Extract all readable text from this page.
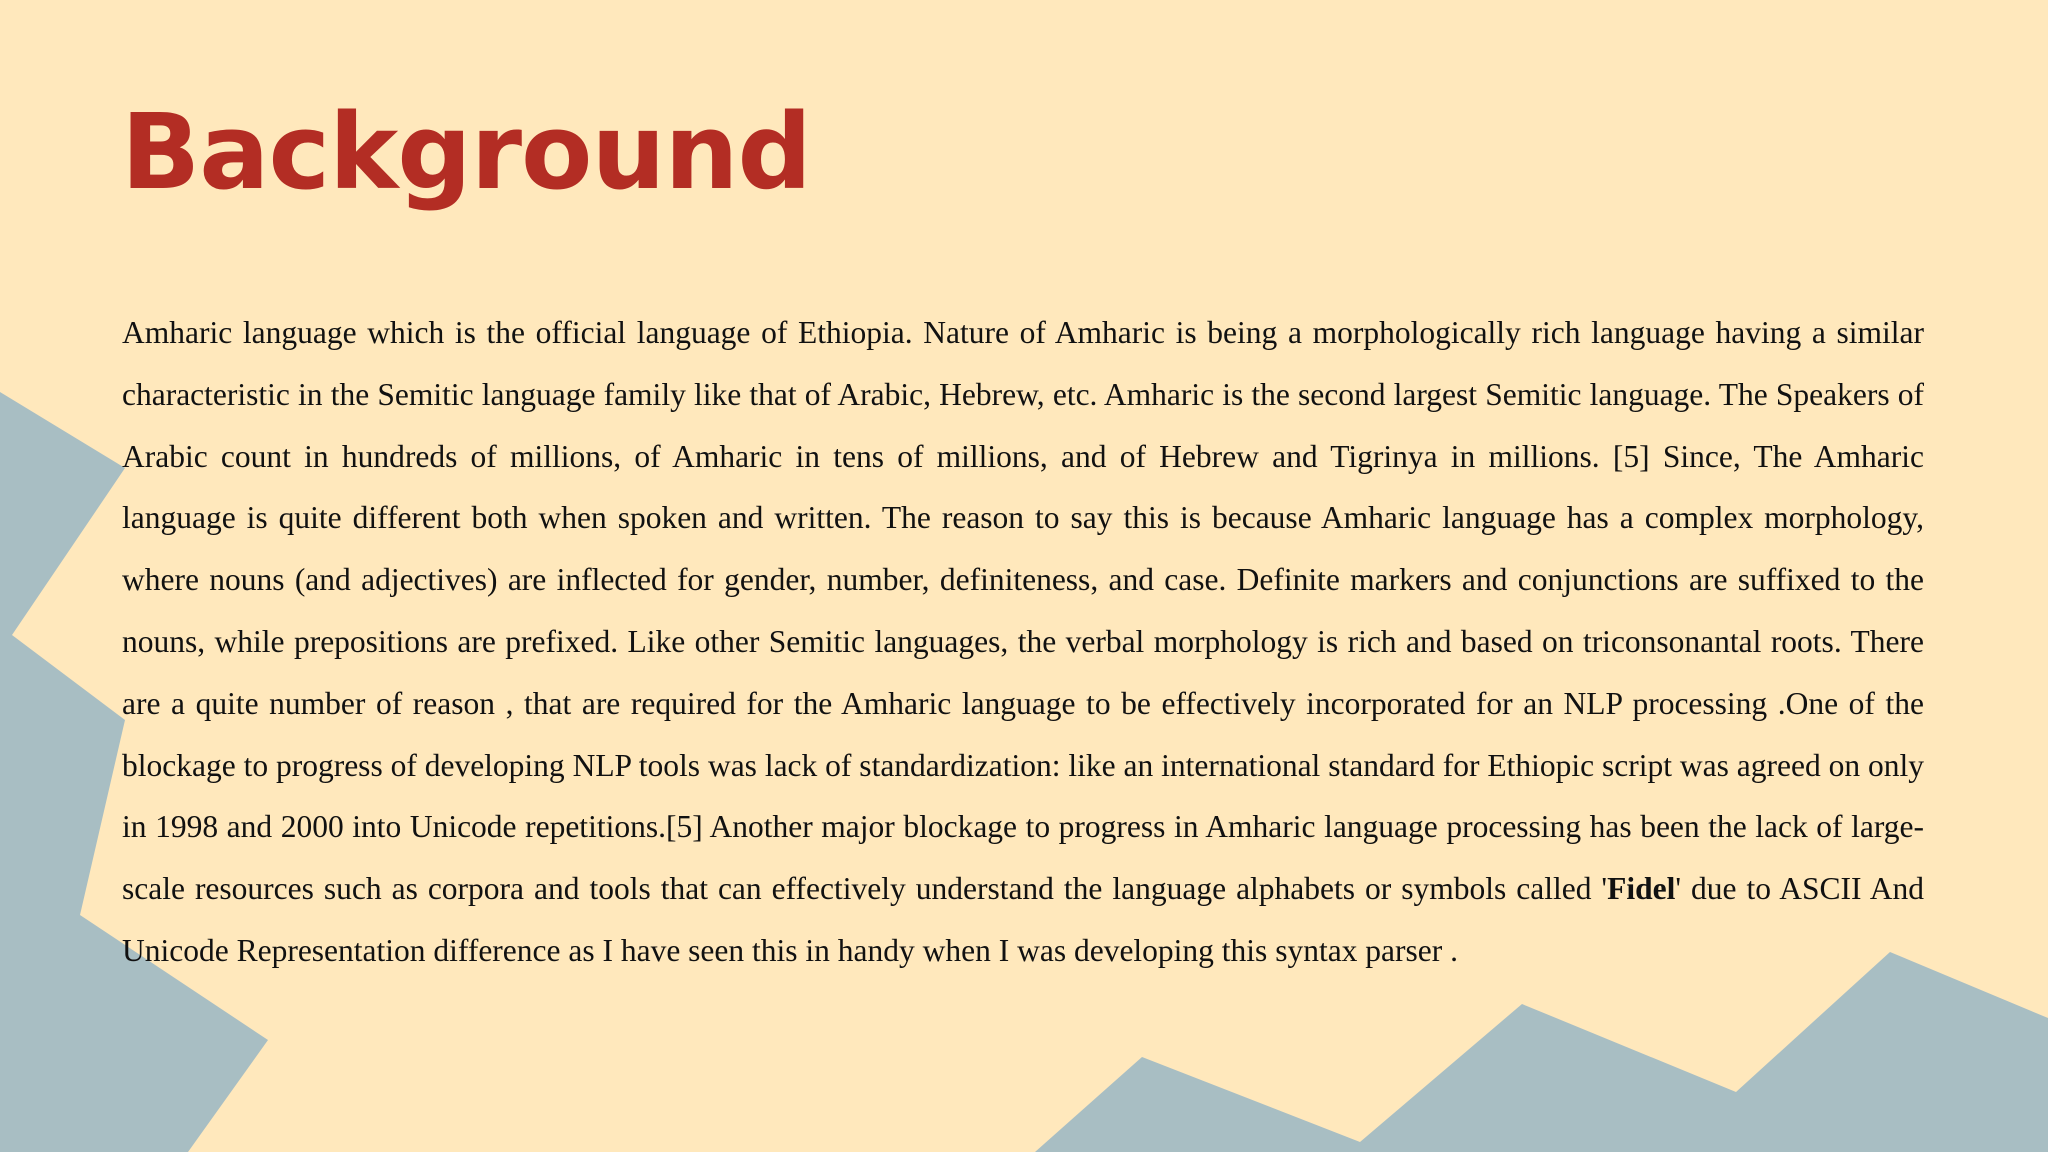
Background

Amharic language which is the official language of Ethiopia. Nature of Amharic is being a morphologically rich language having a similar characteristic in the Semitic language family like that of Arabic, Hebrew, etc. Amharic is the second largest Semitic language. The Speakers of Arabic count in hundreds of millions, of Amharic in tens of millions, and of Hebrew and Tigrinya in millions. [5] Since, The Amharic language is quite different both when spoken and written. The reason to say this is because Amharic language has a complex morphology, where nouns (and adjectives) are inflected for gender, number, definiteness, and case. Definite markers and conjunctions are suffixed to the nouns, while prepositions are prefixed. Like other Semitic languages, the verbal morphology is rich and based on triconsonantal roots. There are a quite number of reason , that are required for the Amharic language to be effectively incorporated for an NLP processing .One of the blockage to progress of developing NLP tools was lack of standardization: like an international standard for Ethiopic script was agreed on only in 1998 and 2000 into Unicode repetitions.[5] Another major blockage to progress in Amharic language processing has been the lack of large-scale resources such as corpora and tools that can effectively understand the language alphabets or symbols called 'Fidel' due to ASCII And Unicode Representation difference as I have seen this in handy when I was developing this syntax parser .
